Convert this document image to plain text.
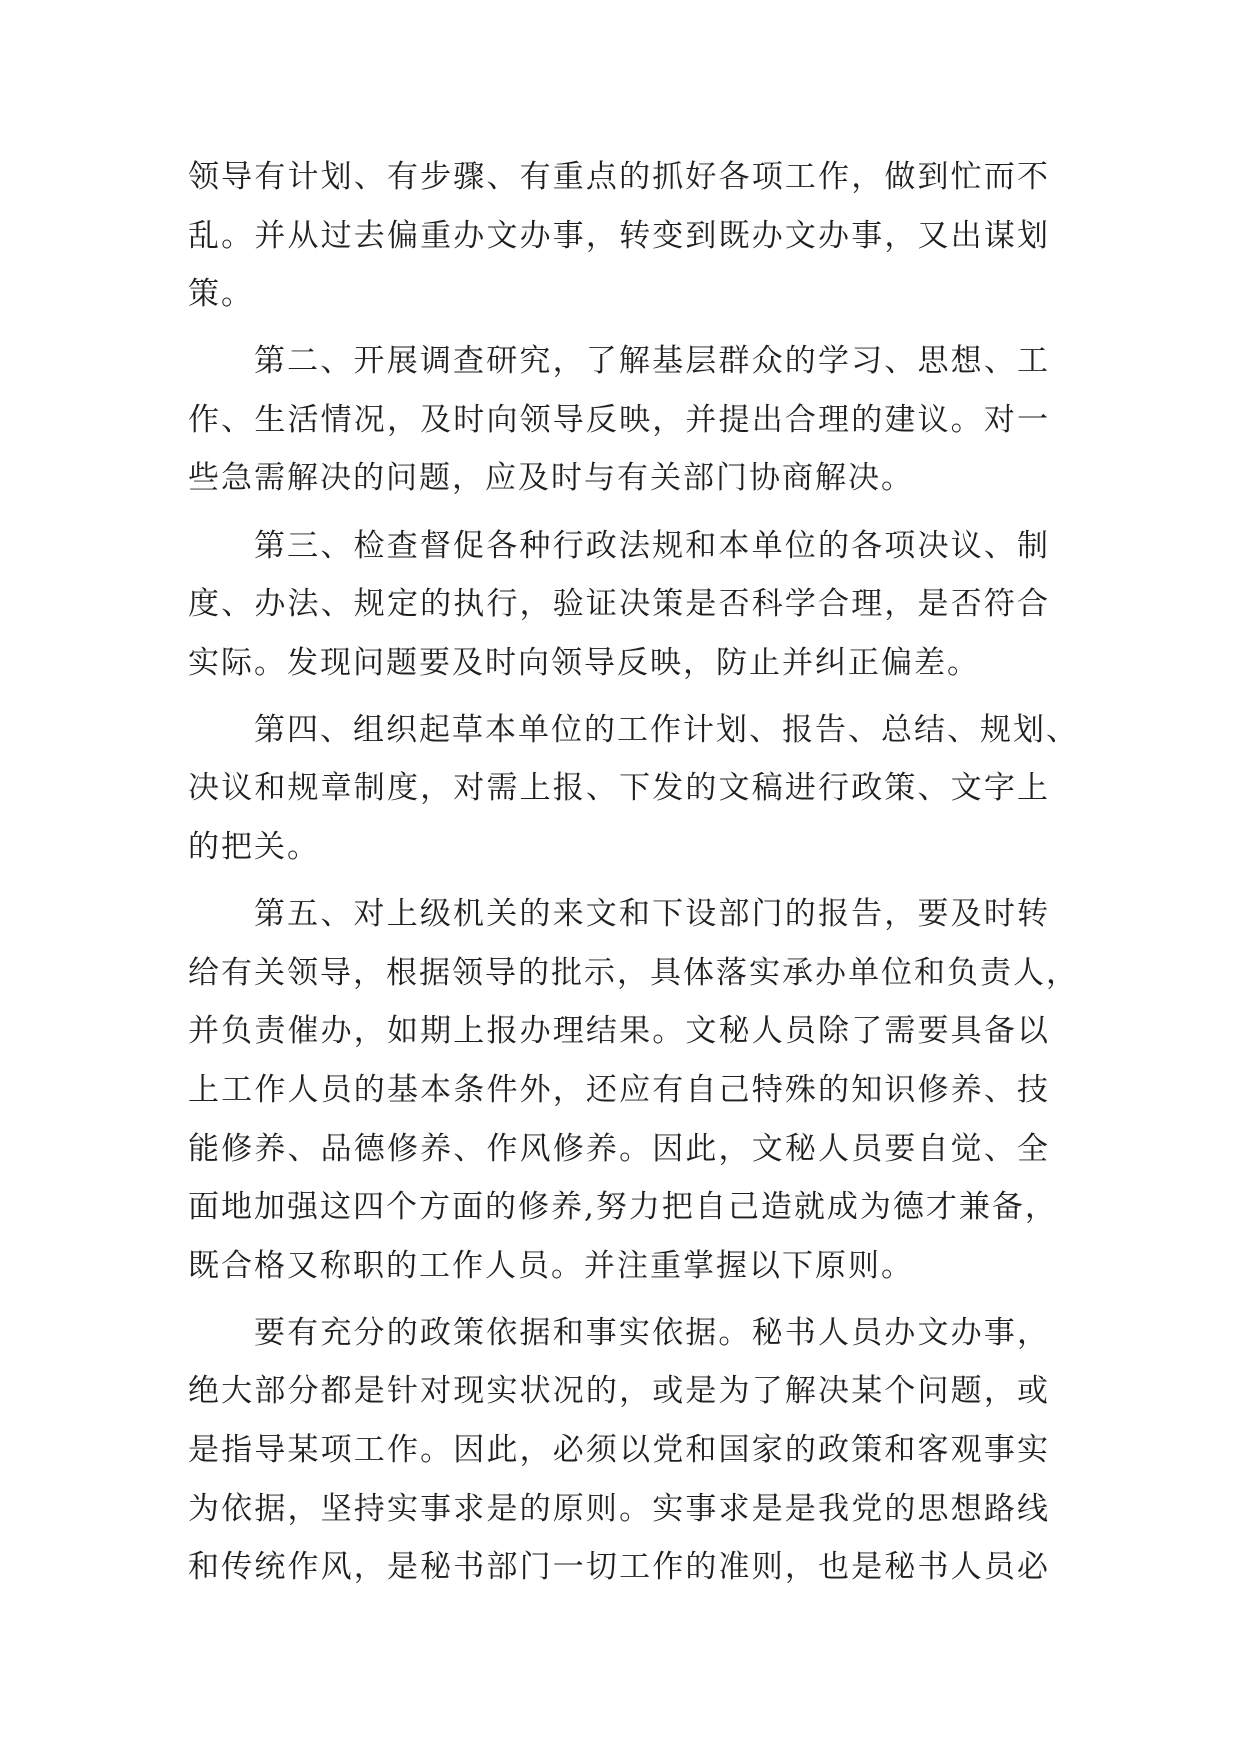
领导有计划、有步骤、有重点的抓好各项工作，做到忙而不
乱。并从过去偏重办文办事，转变到既办文办事，又出谋划
策。
第二、开展调查研究，了解基层群众的学习、思想、工
作、生活情况，及时向领导反映，并提出合理的建议。对一
些急需解决的问题，应及时与有关部门协商解决。
第三、检查督促各种行政法规和本单位的各项决议、制
度、办法、规定的执行，验证决策是否科学合理，是否符合
实际。发现问题要及时向领导反映，防止并纠正偏差。
第四、组织起草本单位的工作计划、报告、总结、规划、
决议和规章制度，对需上报、下发的文稿进行政策、文字上
的把关。
第五、对上级机关的来文和下设部门的报告，要及时转
给有关领导，根据领导的批示，具体落实承办单位和负责人，
并负责催办，如期上报办理结果。文秘人员除了需要具备以
上工作人员的基本条件外，还应有自己特殊的知识修养、技
能修养、品德修养、作风修养。因此，文秘人员要自觉、全
面地加强这四个方面的修养,努力把自己造就成为德才兼备，
既合格又称职的工作人员。并注重掌握以下原则。
要有充分的政策依据和事实依据。秘书人员办文办事，
绝大部分都是针对现实状况的，或是为了解决某个问题，或
是指导某项工作。因此，必须以党和国家的政策和客观事实
为依据，坚持实事求是的原则。实事求是是我党的思想路线
和传统作风，是秘书部门一切工作的准则，也是秘书人员必
